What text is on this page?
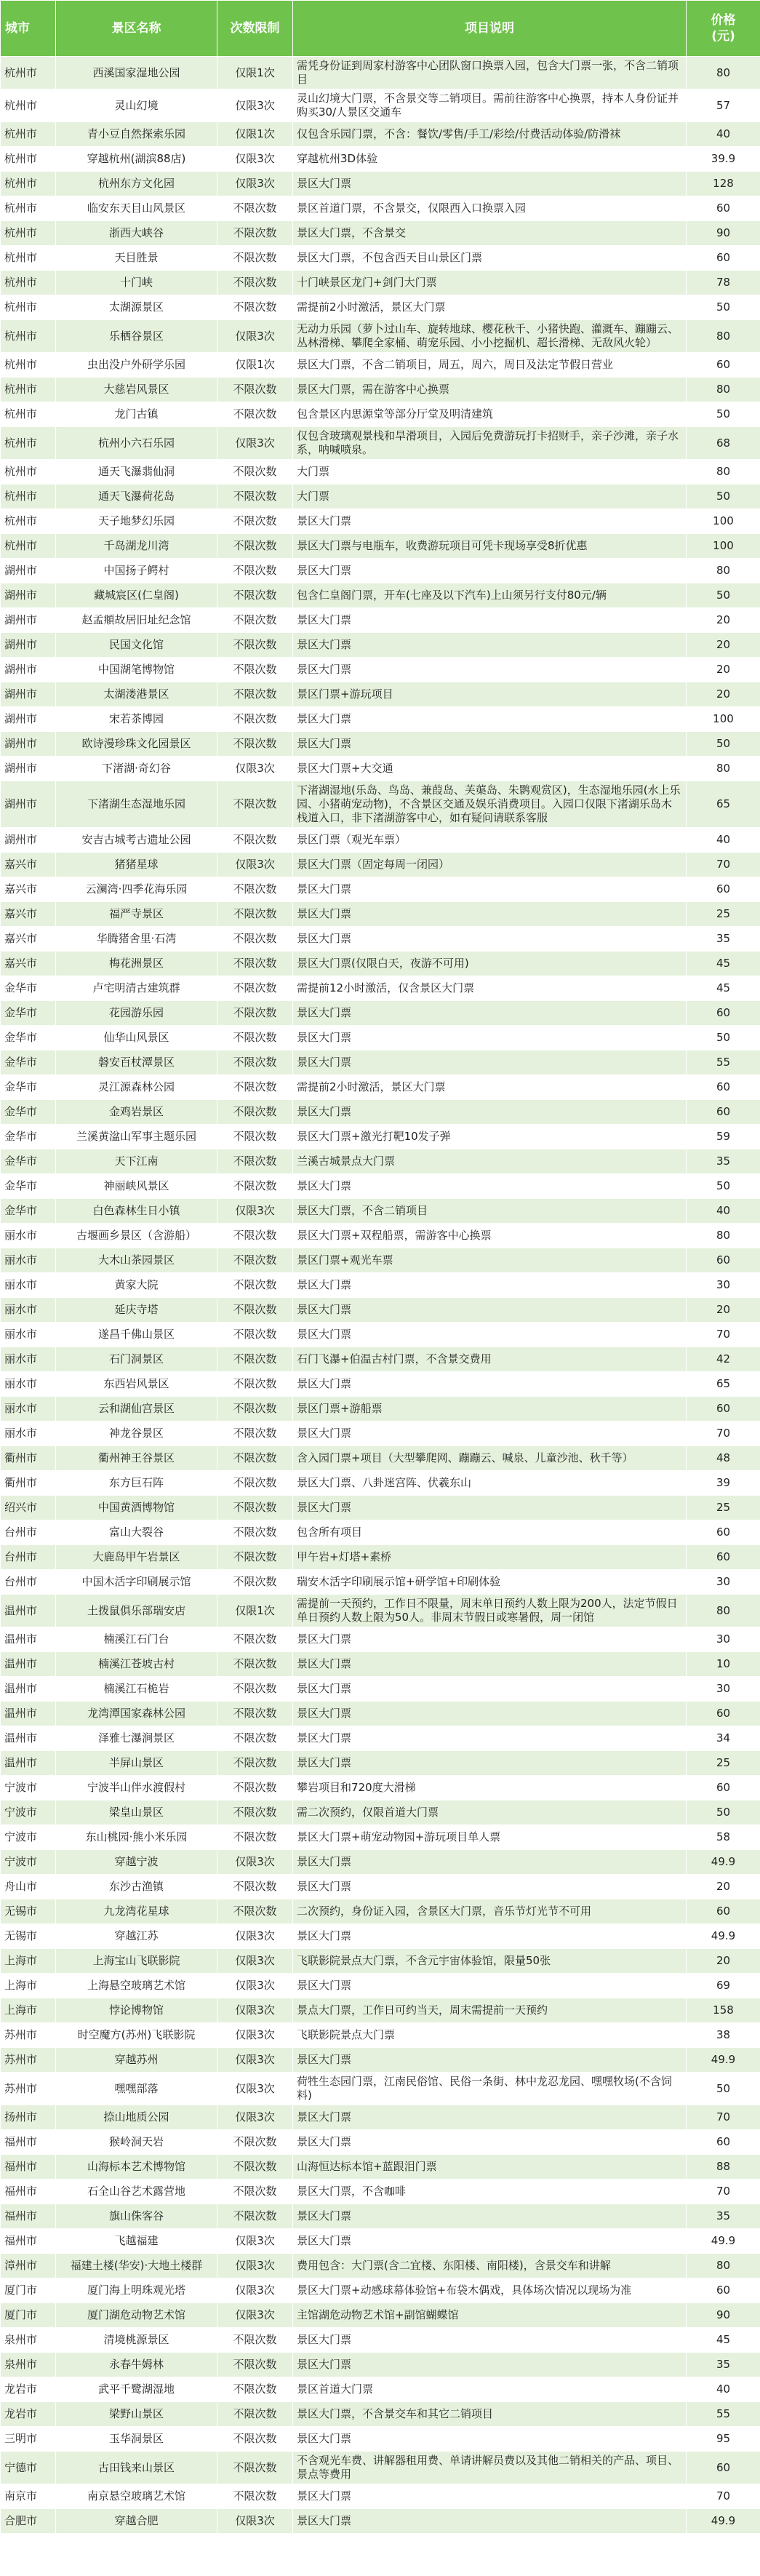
城市	景区名称	次数限制	项目说明	价格
(元)

杭州市	西溪国家湿地公园	仅限1次	需凭身份证到周家村游客中心团队窗口换票入园，包含大门票一张，不含二销项目	80
杭州市	灵山幻境	仅限3次	灵山幻境大门票，不含景交等二销项目。需前往游客中心换票，持本人身份证并购买30/人景区交通车	57
杭州市	青小豆自然探索乐园	仅限1次	仅包含乐园门票，不含：餐饮/零售/手工/彩绘/付费活动体验/防滑袜	40
杭州市	穿越杭州(湖滨88店)	仅限3次	穿越杭州3D体验	39.9
杭州市	杭州东方文化园	仅限3次	景区大门票	128
杭州市	临安东天目山风景区	不限次数	景区首道门票，不含景交，仅限西入口换票入园	60
杭州市	浙西大峡谷	不限次数	景区大门票，不含景交	90
杭州市	天目胜景	不限次数	景区大门票，不包含西天目山景区门票	60
杭州市	十门峡	不限次数	十门峡景区龙门+剑门大门票	78
杭州市	太湖源景区	不限次数	需提前2小时激活，景区大门票	50
杭州市	乐栖谷景区	仅限3次	无动力乐园（萝卜过山车、旋转地球、樱花秋千、小猪快跑、灌溉车、蹦蹦云、丛林滑梯、攀爬全家桶、萌宠乐园、小小挖掘机、超长滑梯、无敌风火轮）	80
杭州市	虫出没户外研学乐园	仅限1次	景区大门票，不含二销项目，周五，周六，周日及法定节假日营业	60
杭州市	大慈岩风景区	不限次数	景区大门票，需在游客中心换票	80
杭州市	龙门古镇	不限次数	包含景区内思源堂等部分厅堂及明清建筑	50
杭州市	杭州小六石乐园	仅限3次	仅包含玻璃观景栈和旱滑项目，入园后免费游玩打卡招财手，亲子沙滩，亲子水系，呐喊喷泉。	68
杭州市	通天飞瀑翡仙洞	不限次数	大门票	80
杭州市	通天飞瀑荷花岛	不限次数	大门票	50
杭州市	天子地梦幻乐园	不限次数	景区大门票	100
杭州市	千岛湖龙川湾	不限次数	景区大门票与电瓶车，收费游玩项目可凭卡现场享受8折优惠	100
湖州市	中国扬子鳄村	不限次数	景区大门票	80
湖州市	藏城宸区(仁皇阁)	不限次数	包含仁皇阁门票，开车(七座及以下汽车)上山须另行支付80元/辆	50
湖州市	赵孟頫故居旧址纪念馆	不限次数	景区大门票	20
湖州市	民国文化馆	不限次数	景区大门票	20
湖州市	中国湖笔博物馆	不限次数	景区大门票	20
湖州市	太湖溇港景区	不限次数	景区门票+游玩项目	20
湖州市	宋若茶博园	不限次数	景区大门票	100
湖州市	欧诗漫珍珠文化园景区	不限次数	景区大门票	50
湖州市	下渚湖·奇幻谷	仅限3次	景区大门票+大交通	80
湖州市	下渚湖生态湿地乐园	不限次数	下渚湖湿地(乐岛、鸟岛、兼葭岛、芙蕖岛、朱鹮观赏区)，生态湿地乐园(水上乐园、小猪萌宠动物)，不含景区交通及娱乐消费项目。入园口仅限下渚湖乐岛木栈道入口，非下渚湖游客中心，如有疑问请联系客服	65
湖州市	安吉古城考古遗址公园	不限次数	景区门票（观光车票）	40
嘉兴市	猪猪星球	仅限3次	景区大门票（固定每周一闭园）	70
嘉兴市	云澜湾·四季花海乐园	不限次数	景区大门票	60
嘉兴市	福严寺景区	不限次数	景区大门票	25
嘉兴市	华腾猪舍里·石湾	不限次数	景区大门票	35
嘉兴市	梅花洲景区	不限次数	景区大门票(仅限白天，夜游不可用)	45
金华市	卢宅明清古建筑群	不限次数	需提前12小时激活，仅含景区大门票	45
金华市	花园游乐园	不限次数	景区大门票	60
金华市	仙华山风景区	不限次数	景区大门票	50
金华市	磐安百杖潭景区	不限次数	景区大门票	55
金华市	灵江源森林公园	不限次数	需提前2小时激活，景区大门票	60
金华市	金鸡岩景区	不限次数	景区大门票	60
金华市	兰溪黄湓山军事主题乐园	不限次数	景区大门票+激光打靶10发子弹	59
金华市	天下江南	不限次数	兰溪古城景点大门票	35
金华市	神丽峡风景区	不限次数	景区大门票	50
金华市	白色森林生日小镇	仅限3次	景区大门票，不含二销项目	40
丽水市	古堰画乡景区（含游船）	不限次数	景区大门票+双程船票，需游客中心换票	80
丽水市	大木山茶园景区	不限次数	景区门票+观光车票	60
丽水市	黄家大院	不限次数	景区大门票	30
丽水市	延庆寺塔	不限次数	景区大门票	20
丽水市	遂昌千佛山景区	不限次数	景区大门票	70
丽水市	石门洞景区	不限次数	石门飞瀑+伯温古村门票，不含景交费用	42
丽水市	东西岩风景区	不限次数	景区大门票	65
丽水市	云和湖仙宫景区	不限次数	景区门票+游船票	60
丽水市	神龙谷景区	不限次数	景区大门票	70
衢州市	衢州神王谷景区	不限次数	含入园门票+项目（大型攀爬网、蹦蹦云、喊泉、儿童沙池、秋千等）	48
衢州市	东方巨石阵	不限次数	景区大门票、八卦迷宫阵、伏羲东山	39
绍兴市	中国黄酒博物馆	不限次数	景区大门票	25
台州市	富山大裂谷	不限次数	包含所有项目	60
台州市	大鹿岛甲午岩景区	不限次数	甲午岩+灯塔+素桥	60
台州市	中国木活字印刷展示馆	不限次数	瑞安木活字印刷展示馆+研学馆+印刷体验	30
温州市	土拨鼠俱乐部瑞安店	仅限1次	需提前一天预约，工作日不限量，周末单日预约人数上限为200人，法定节假日单日预约人数上限为50人。非周末节假日或寒暑假，周一闭馆	80
温州市	楠溪江石门台	不限次数	景区大门票	30
温州市	楠溪江苍坡古村	不限次数	景区大门票	10
温州市	楠溪江石桅岩	不限次数	景区大门票	30
温州市	龙湾潭国家森林公园	不限次数	景区大门票	60
温州市	泽雅七瀑涧景区	不限次数	景区大门票	34
温州市	半屏山景区	不限次数	景区大门票	25
宁波市	宁波半山伴水渡假村	不限次数	攀岩项目和720度大滑梯	60
宁波市	梁皇山景区	不限次数	需二次预约，仅限首道大门票	50
宁波市	东山桃园·熊小米乐园	不限次数	景区大门票+萌宠动物园+游玩项目单人票	58
宁波市	穿越宁波	仅限3次	景区大门票	49.9
舟山市	东沙古渔镇	不限次数	景区大门票	20
无锡市	九龙湾花星球	不限次数	二次预约，身份证入园，含景区大门票，音乐节灯光节不可用	60
无锡市	穿越江苏	仅限3次	景区大门票	49.9
上海市	上海宝山飞联影院	仅限3次	飞联影院景点大门票，不含元宇宙体验馆，限量50张	20
上海市	上海悬空玻璃艺术馆	仅限3次	景区大门票	69
上海市	悖论博物馆	仅限3次	景点大门票，工作日可约当天，周末需提前一天预约	158
苏州市	时空魔方(苏州)飞联影院	仅限3次	飞联影院景点大门票	38
苏州市	穿越苏州	仅限3次	景区大门票	49.9
苏州市	嘿嘿部落	仅限3次	荷牲生态园门票，江南民俗馆、民俗一条街、林中龙忍龙园、嘿嘿牧场(不含饲料)	50
扬州市	捺山地质公园	仅限3次	景区大门票	70
福州市	猴岭洞天岩	不限次数	景区大门票	60
福州市	山海标本艺术博物馆	不限次数	山海恒达标本馆+蓝跟泪门票	88
福州市	石全山谷艺术露营地	不限次数	景区大门票，不含咖啡	70
福州市	旗山侏客谷	不限次数	景区大门票	35
福州市	飞越福建	仅限3次	景区大门票	49.9
漳州市	福建土楼(华安)·大地土楼群	仅限3次	费用包含：大门票(含二宜楼、东阳楼、南阳楼)，含景交车和讲解	80
厦门市	厦门海上明珠观光塔	仅限3次	景区大门票+动感球幕体验馆+布袋木偶戏，具体场次情况以现场为准	60
厦门市	厦门湖危动物艺术馆	仅限3次	主馆湖危动物艺术馆+副馆蝴蝶馆	90
泉州市	清境桃源景区	不限次数	景区大门票	45
泉州市	永春牛姆林	不限次数	景区大门票	35
龙岩市	武平千鹭湖湿地	不限次数	景区首道大门票	40
龙岩市	梁野山景区	不限次数	景区大门票，不含景交车和其它二销项目	55
三明市	玉华洞景区	不限次数	景区大门票	95
宁德市	古田钱来山景区	不限次数	不含观光车费、讲解器租用费、单请讲解员费以及其他二销相关的产品、项目、景点等费用	60
南京市	南京悬空玻璃艺术馆	不限次数	景区大门票	70
合肥市	穿越合肥	仅限3次	景区大门票	49.9
